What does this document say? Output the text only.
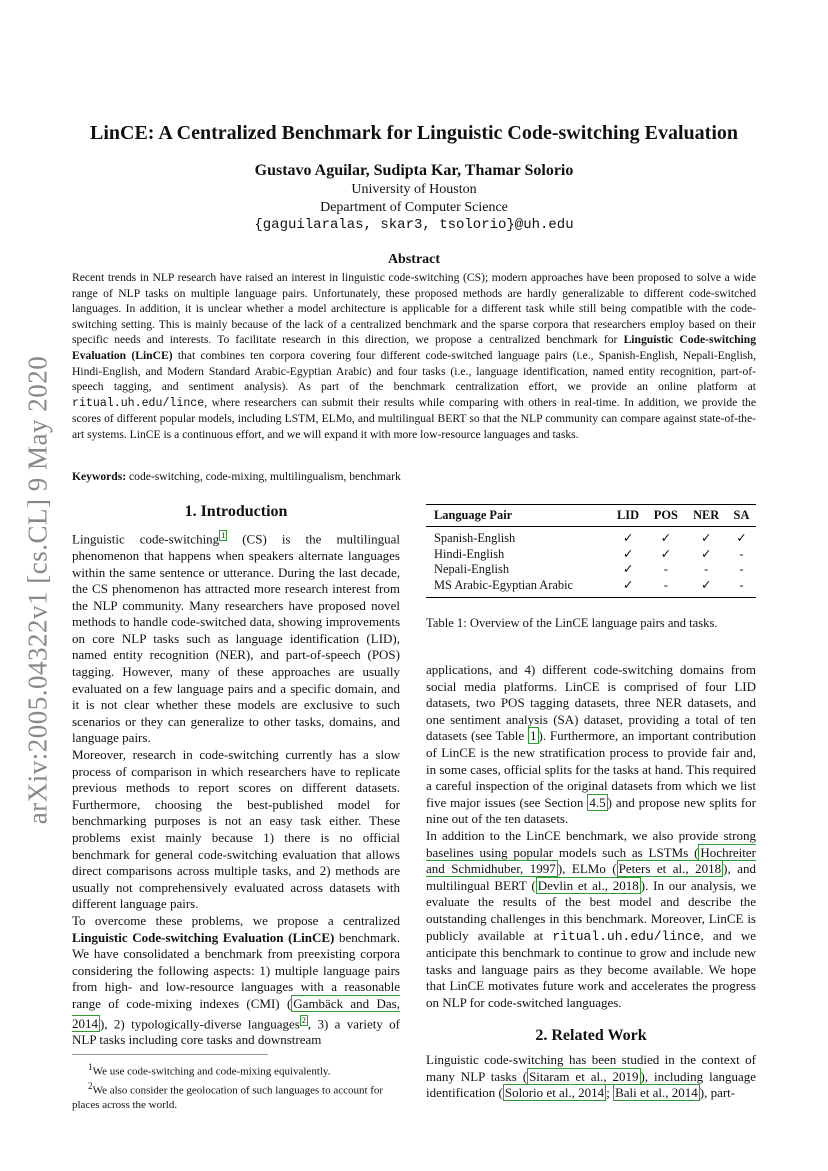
arXiv:2005.04322v1 [cs.CL] 9 May 2020
LinCE: A Centralized Benchmark for Linguistic Code-switching Evaluation
Gustavo Aguilar, Sudipta Kar, Thamar Solorio
University of Houston
Department of Computer Science
{gaguilaralas, skar3, tsolorio}@uh.edu
Abstract
Recent trends in NLP research have raised an interest in linguistic code-switching (CS); modern approaches have been proposed to solve a wide range of NLP tasks on multiple language pairs. Unfortunately, these proposed methods are hardly generalizable to different code-switched languages. In addition, it is unclear whether a model architecture is applicable for a different task while still being compatible with the code-switching setting. This is mainly because of the lack of a centralized benchmark and the sparse corpora that researchers employ based on their specific needs and interests. To facilitate research in this direction, we propose a centralized benchmark for Linguistic Code-switching Evaluation (LinCE) that combines ten corpora covering four different code-switched language pairs (i.e., Spanish-English, Nepali-English, Hindi-English, and Modern Standard Arabic-Egyptian Arabic) and four tasks (i.e., language identification, named entity recognition, part-of-speech tagging, and sentiment analysis). As part of the benchmark centralization effort, we provide an online platform at ritual.uh.edu/lince, where researchers can submit their results while comparing with others in real-time. In addition, we provide the scores of different popular models, including LSTM, ELMo, and multilingual BERT so that the NLP community can compare against state-of-the-art systems. LinCE is a continuous effort, and we will expand it with more low-resource languages and tasks.
Keywords: code-switching, code-mixing, multilingualism, benchmark
1. Introduction

Linguistic code-switching $^1$ (CS) is the multilingual phenomenon that happens when speakers alternate languages within the same sentence or utterance. During the last decade, the CS phenomenon has attracted more research interest from the NLP community. Many researchers have proposed novel methods to handle code-switched data, showing improvements on core NLP tasks such as language identification (LID), named entity recognition (NER), and part-of-speech (POS) tagging. However, many of these approaches are usually evaluated on a few language pairs and a specific domain, and it is not clear whether these models are exclusive to such scenarios or they can generalize to other tasks, domains, and language pairs.

Moreover, research in code-switching currently has a slow process of comparison in which researchers have to replicate previous methods to report scores on different datasets. Furthermore, choosing the best-published model for benchmarking purposes is not an easy task either. These problems exist mainly because 1) there is no official benchmark for general code-switching evaluation that allows direct comparisons across multiple tasks, and 2) methods are usually not comprehensively evaluated across datasets with different language pairs.

To overcome these problems, we propose a centralized Linguistic Code-switching Evaluation (LinCE) benchmark. We have consolidated a benchmark from preexisting corpora considering the following aspects: 1) multiple language pairs from high- and low-resource languages with a reasonable range of code-mixing indexes (CMI) ( Gambäck and Das, 2014 ), 2) typologically-diverse languages $^2$ , 3) a variety of NLP tasks including core tasks and downstream

$^1$We use code-switching and code-mixing equivalently.
$^2$We also consider the geolocation of such languages to account for places across the world.
Language Pair	LID	POS	NER	SA
Spanish-English	✓	✓	✓	✓
Hindi-English	✓	✓	✓	-
Nepali-English	✓	-	-	-
MS Arabic-Egyptian Arabic	✓	-	✓	-
Table 1: Overview of the LinCE language pairs and tasks.

applications, and 4) different code-switching domains from social media platforms. LinCE is comprised of four LID datasets, two POS tagging datasets, three NER datasets, and one sentiment analysis (SA) dataset, providing a total of ten datasets (see Table 1 ). Furthermore, an important contribution of LinCE is the new stratification process to provide fair and, in some cases, official splits for the tasks at hand. This required a careful inspection of the original datasets from which we list five major issues (see Section 4.5 ) and propose new splits for nine out of the ten datasets.

In addition to the LinCE benchmark, we also provide strong baselines using popular models such as LSTMs ( Hochreiter and Schmidhuber, 1997 ), ELMo ( Peters et al., 2018 ), and multilingual BERT ( Devlin et al., 2018 ). In our analysis, we evaluate the results of the best model and describe the outstanding challenges in this benchmark. Moreover, LinCE is publicly available at ritual.uh.edu/lince, and we anticipate this benchmark to continue to grow and include new tasks and language pairs as they become available. We hope that LinCE motivates future work and accelerates the progress on NLP for code-switched languages.

2. Related Work

Linguistic code-switching has been studied in the context of many NLP tasks ( Sitaram et al., 2019 ), including language identification ( Solorio et al., 2014 ; Bali et al., 2014 ), part-
